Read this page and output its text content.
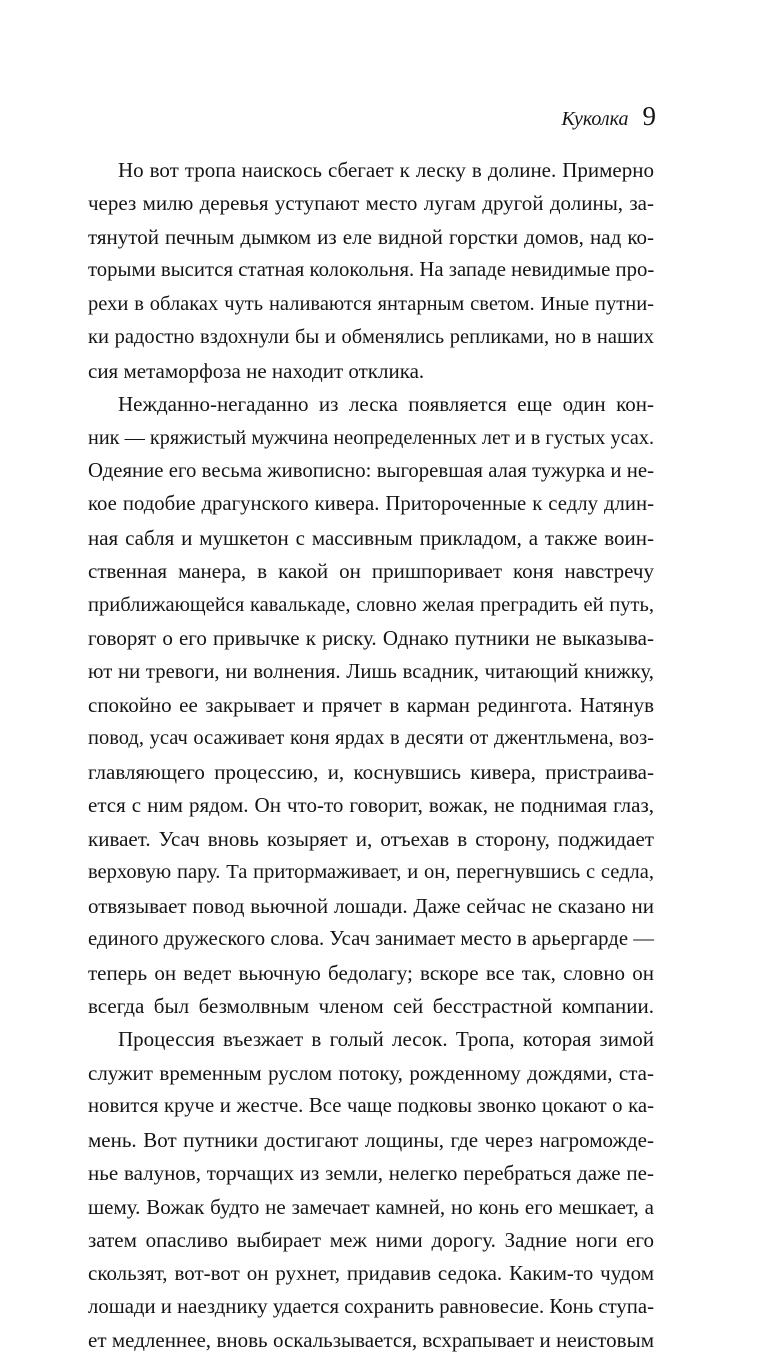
Куколка 9
Но вот тропа наискось сбегает к леску в долине. Примерно
через милю деревья уступают место лугам другой долины, за-
тянутой печным дымком из еле видной горстки домов, над ко-
торыми высится статная колокольня. На западе невидимые про-
рехи в облаках чуть наливаются янтарным светом. Иные путни-
ки радостно вздохнули бы и обменялись репликами, но в наших
сия метаморфоза не находит отклика.
Нежданно-негаданно из леска появляется еще один кон-
ник — кряжистый мужчина неопределенных лет и в густых усах.
Одеяние его весьма живописно: выгоревшая алая тужурка и не-
кое подобие драгунского кивера. Притороченные к седлу длин-
ная сабля и мушкетон с массивным прикладом, а также воин-
ственная манера, в какой он пришпоривает коня навстречу
приближающейся кавалькаде, словно желая преградить ей путь,
говорят о его привычке к риску. Однако путники не выказыва-
ют ни тревоги, ни волнения. Лишь всадник, читающий книжку,
спокойно ее закрывает и прячет в карман редингота. Натянув
повод, усач осаживает коня ярдах в десяти от джентльмена, воз-
главляющего процессию, и, коснувшись кивера, пристраива-
ется с ним рядом. Он что-то говорит, вожак, не поднимая глаз,
кивает. Усач вновь козыряет и, отъехав в сторону, поджидает
верховую пару. Та притормаживает, и он, перегнувшись с седла,
отвязывает повод вьючной лошади. Даже сейчас не сказано ни
единого дружеского слова. Усач занимает место в арьергарде —
теперь он ведет вьючную бедолагу; вскоре все так, словно он
всегда был безмолвным членом сей бесстрастной компании.
Процессия въезжает в голый лесок. Тропа, которая зимой
служит временным руслом потоку, рожденному дождями, ста-
новится круче и жестче. Все чаще подковы звонко цокают о ка-
мень. Вот путники достигают лощины, где через нагроможде-
нье валунов, торчащих из земли, нелегко перебраться даже пе-
шему. Вожак будто не замечает камней, но конь его мешкает, а
затем опасливо выбирает меж ними дорогу. Задние ноги его
скользят, вот-вот он рухнет, придавив седока. Каким-то чудом
лошади и наезднику удается сохранить равновесие. Конь ступа-
ет медленнее, вновь оскальзывается, всхрапывает и неистовым
